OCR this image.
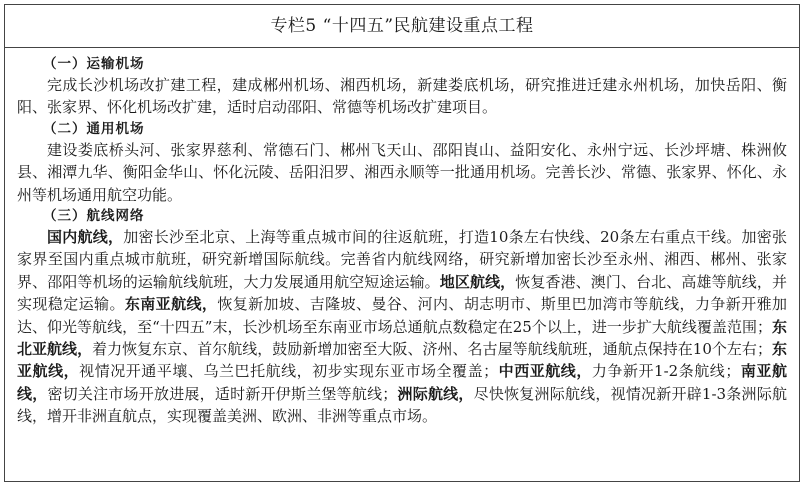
专栏5 “十四五”民航建设重点工程
（一）运输机场

完成长沙机场改扩建工程，建成郴州机场、湘西机场，新建娄底机场，研究推进迁建永州机场，加快岳阳、衡阳、张家界、怀化机场改扩建，适时启动邵阳、常德等机场改扩建项目。

（二）通用机场

建设娄底桥头河、张家界慈利、常德石门、郴州飞天山、邵阳崀山、益阳安化、永州宁远、长沙坪塘、株洲攸县、湘潭九华、衡阳金华山、怀化沅陵、岳阳汨罗、湘西永顺等一批通用机场。完善长沙、常德、张家界、怀化、永州等机场通用航空功能。

（三）航线网络

国内航线，加密长沙至北京、上海等重点城市间的往返航班，打造10条左右快线、20条左右重点干线。加密张家界至国内重点城市航班，研究新增国际航线。完善省内航线网络，研究新增加密长沙至永州、湘西、郴州、张家界、邵阳等机场的运输航线航班，大力发展通用航空短途运输。地区航线，恢复香港、澳门、台北、高雄等航线，并实现稳定运输。东南亚航线，恢复新加坡、吉隆坡、曼谷、河内、胡志明市、斯里巴加湾市等航线，力争新开雅加达、仰光等航线，至“十四五”末，长沙机场至东南亚市场总通航点数稳定在25个以上，进一步扩大航线覆盖范围；东北亚航线，着力恢复东京、首尔航线，鼓励新增加密至大阪、济州、名古屋等航线航班，通航点保持在10个左右；东亚航线，视情况开通平壤、乌兰巴托航线，初步实现东亚市场全覆盖；中西亚航线，力争新开1-2条航线；南亚航线，密切关注市场开放进展，适时新开伊斯兰堡等航线；洲际航线，尽快恢复洲际航线，视情况新开辟1-3条洲际航线，增开非洲直航点，实现覆盖美洲、欧洲、非洲等重点市场。
